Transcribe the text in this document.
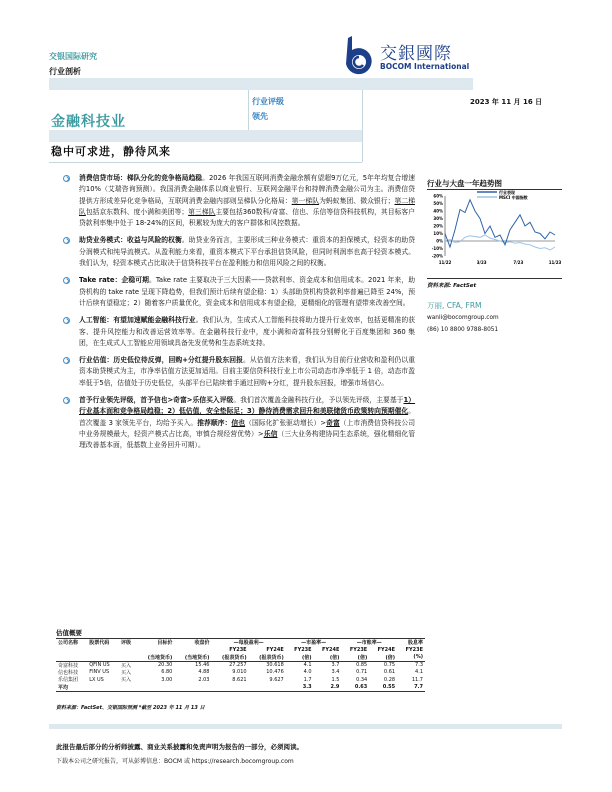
交银国际研究
行业剖析
交銀國際
BOCOM International
金融科技业
行业评级
领先
2023 年 11 月 16 日
稳中可求进，静待风来
消费信贷市场：梯队分化的竞争格局趋稳。2026 年我国互联网消费金融余额有望超9万亿元，5年年均复合增速约10%（艾瑞咨询预测）。我国消费金融体系以商业银行、互联网金融平台和持牌消费金融公司为主。消费信贷提供方形成差异化竞争格局，互联网消费金融内部则呈梯队分化格局：第一梯队为蚂蚁集团、微众银行；第二梯队包括京东数科、度小满和美团等；第三梯队主要包括360数科/奇富、信也、乐信等信贷科技机构，其目标客户贷款利率集中处于 18-24%的区间，积累较为庞大的客户群体和风控数据。
助贷业务模式：收益与风险的权衡。助贷业务而言，主要形成三种业务模式：重资本的担保模式，轻资本的助贷分润模式和纯导流模式。从盈利能力来看，重资本模式下平台承担信贷风险，但同时利润率也高于轻资本模式。我们认为，轻资本模式占比取决于信贷科技平台在盈利能力和信用风险之间的权衡。
Take rate：企稳可期。Take rate 主要取决于三大因素——贷款利率、资金成本和信用成本。2021 年来，助贷机构的 take rate 呈现下降趋势，但我们预计后续有望企稳：1）头部助贷机构贷款利率普遍已降至 24%，预计后续有望稳定；2）随着客户质量优化，资金成本和信用成本有望企稳，更精细化的管理有望带来改善空间。
人工智能：有望加速赋能金融科技行业。我们认为，生成式人工智能科技将助力提升行业效率，包括更精准的获客、提升风控能力和改善运营效率等。在金融科技行业中，度小满和奇富科技分别孵化于百度集团和 360 集团，在生成式人工智能应用领域具备先发优势和生态系统支持。
行业估值：历史低位待反弹，回购+分红提升股东回报。从估值方法来看，我们认为目前行业营收和盈利仍以重资本助贷模式为主，市净率估值方法更加适用。目前主要信贷科技行业上市公司动态市净率低于 1 倍，动态市盈率低于5倍，估值处于历史低位，头部平台已陆续着手通过回购+分红，提升股东回报，增强市场信心。
首予行业领先评级，首予信也>奇富>乐信买入评级。我们首次覆盖金融科技行业，予以领先评级，主要基于1）行业基本面和竞争格局趋稳；2）低估值，安全垫际足；3）静待消费需求回升和美联储货币政策转向预期催化。首次覆盖 3 家领先平台，均给予买入。推荐顺序：信也（国际化扩张驱动增长）>奇富（上市消费信贷科技公司中业务规模最大，轻资产模式占比高，审慎合规经营优势）>乐信（三大业务构建协同生态系统，强化精细化管理改善基本面，低基数上业务回升可期）。
行业与大盘一年趋势图
行业表现
MSCI 中国指数
60%
50%
40%
30%
20%
10%
0%
-10%
-20%
11/22	3/23	7/23	11/23
资料来源: FactSet
万丽, CFA, FRM
wanli@bocomgroup.com
(86) 10 8800 9788-8051
估值概要
公司名称	股票代码	评级	目标价	收盘价	—每股盈利—		—市盈率—		—市账率—		股息率
					FY23E	FY24E	FY23E	FY24E	FY23E	FY24E	FY23E
			(当地货币)	(当地货币)	(报表货币)	(报表货币)	(倍)	(倍)	(倍)	(倍)	(%)
奇富科技	QFIN US	买入	20.30	15.46	27.257	30.618	4.1	3.7	0.85	0.75	7.3
信也科技	FINV US	买入	6.80	4.88	9.010	10.476	4.0	3.4	0.71	0.61	4.1
乐信集团	LX US	买入	3.00	2.03	8.621	9.627	1.7	1.5	0.34	0.28	11.7
平均							3.3	2.9	0.63	0.55	7.7
资料来源：FactSet、交银国际预测 *截至 2023 年 11 月 13 日
此报告最后部分的分析师披露、商业关系披露和免责声明为报告的一部分，必须阅读。
下载本公司之研究报告，可从彭博信息：BOCM 或 https://research.bocomgroup.com
